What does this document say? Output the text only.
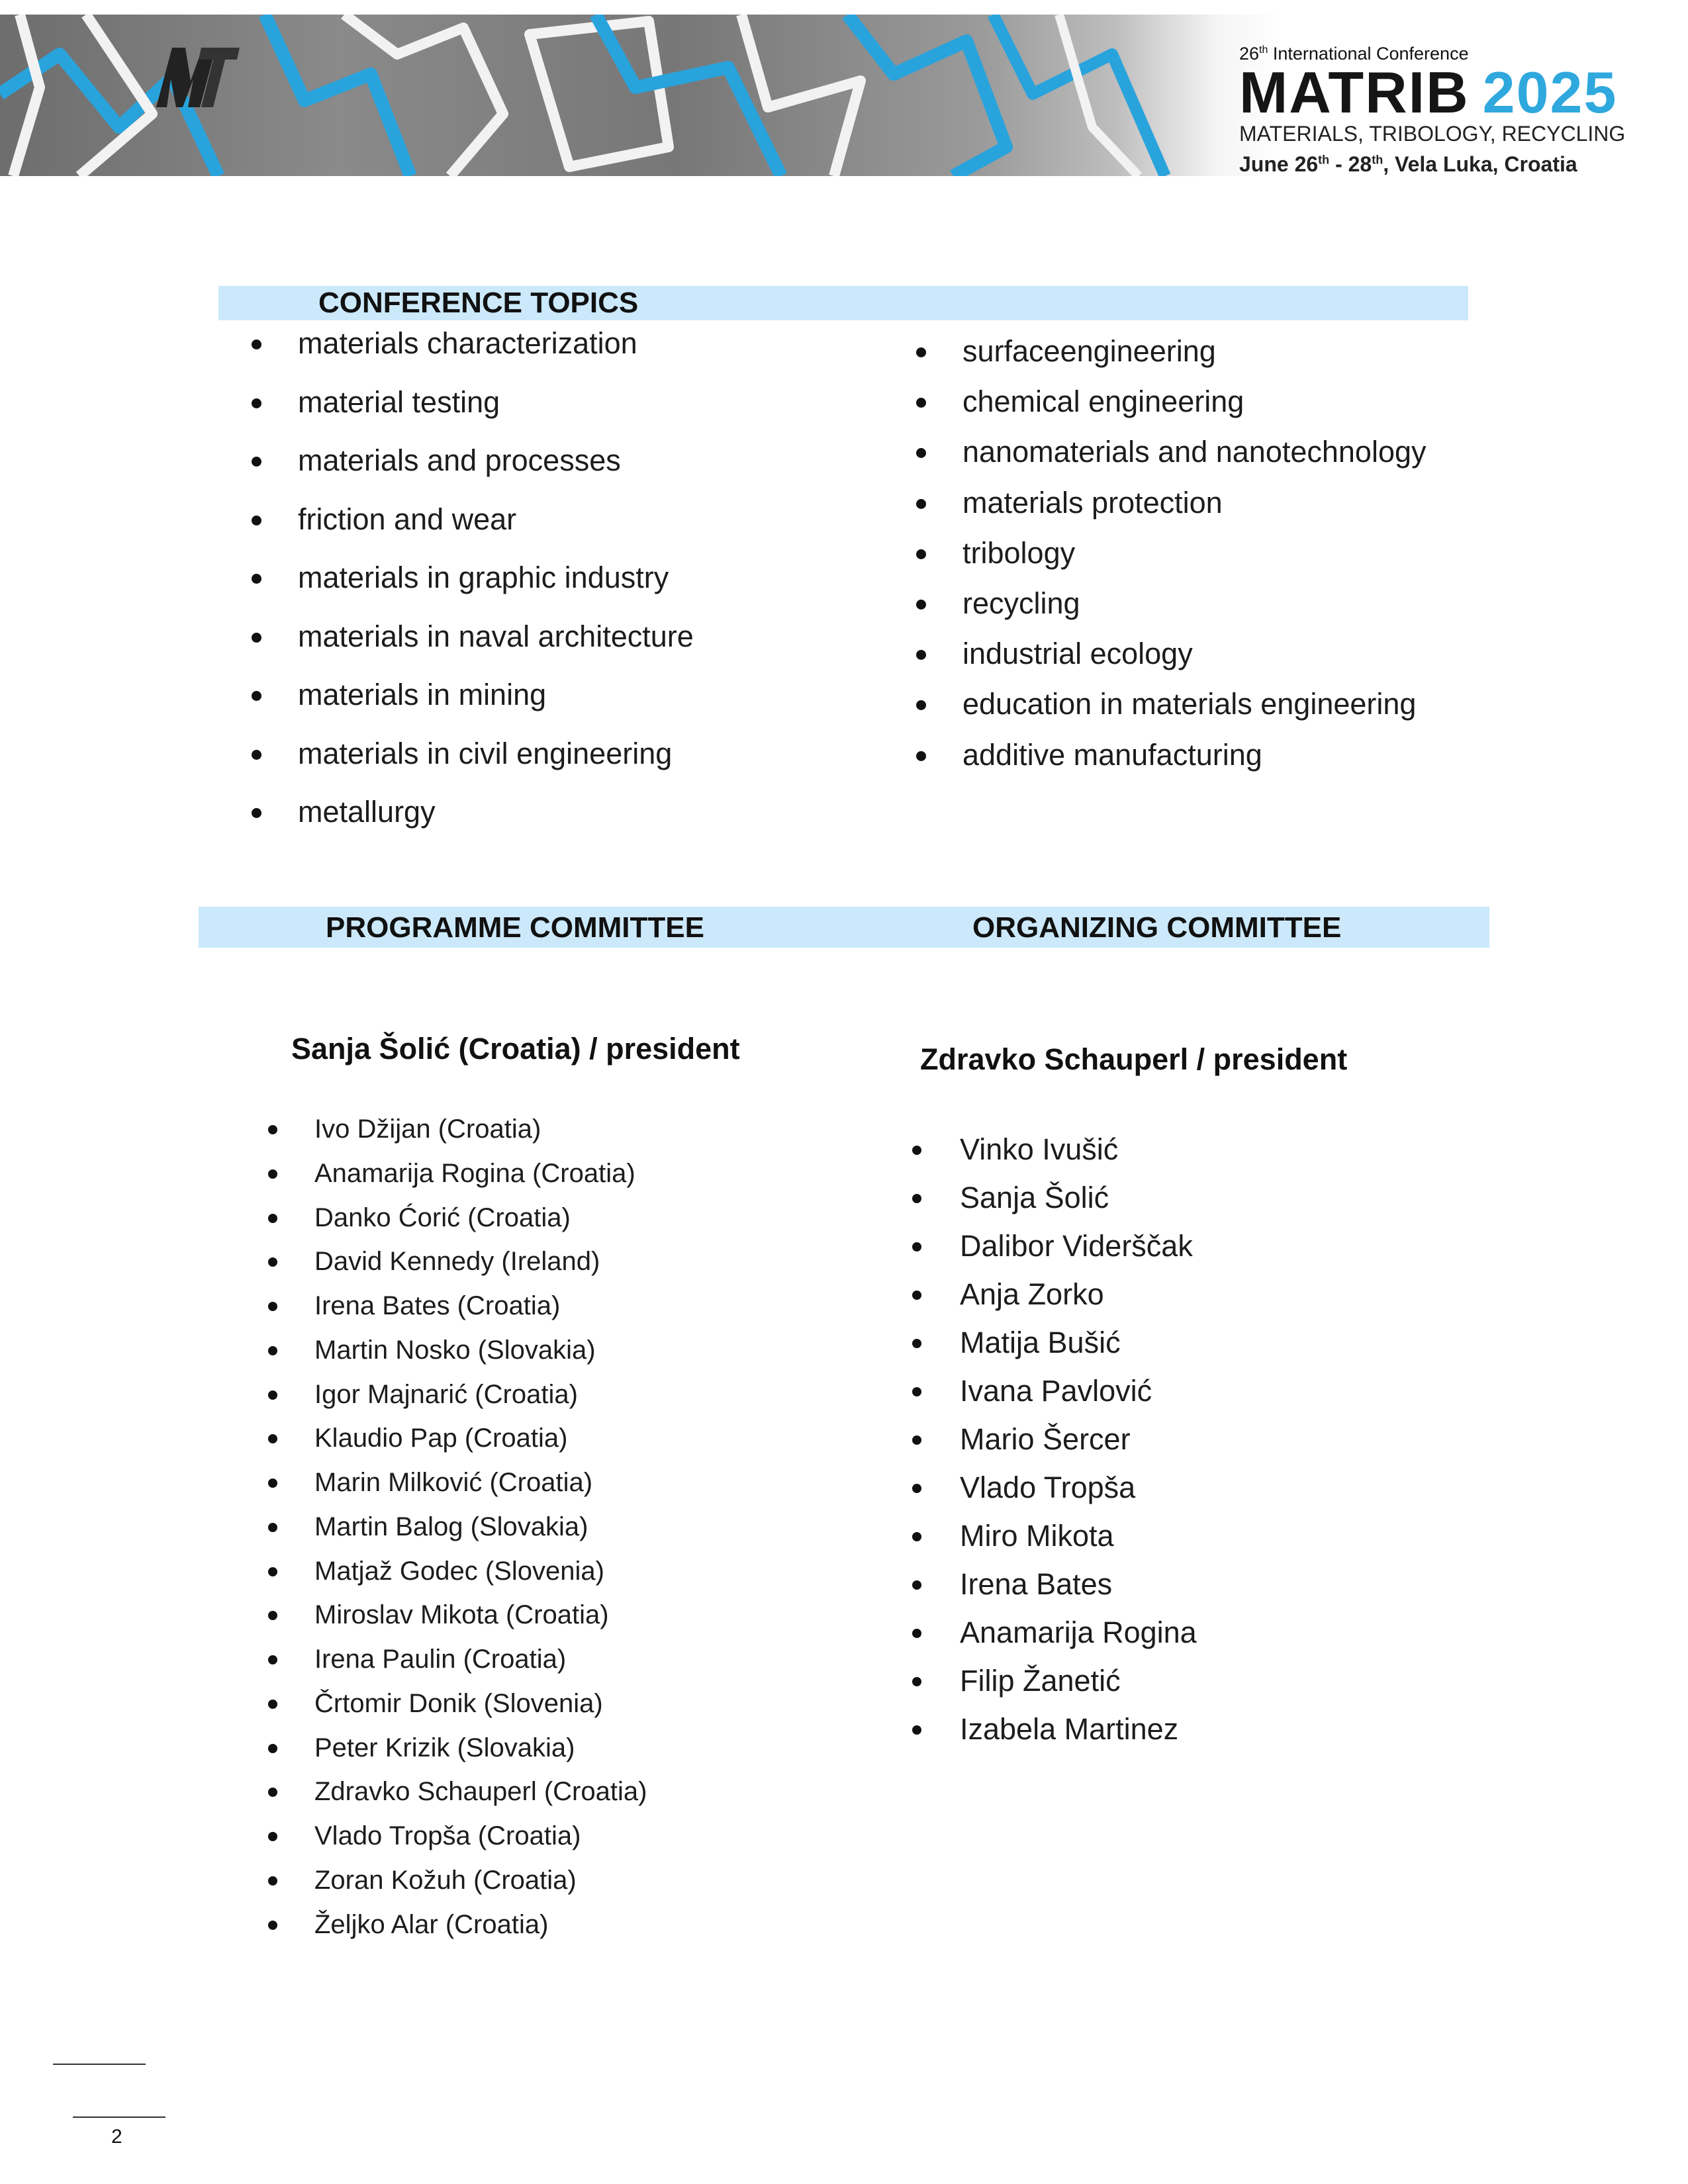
MT
26th International Conference
MATRIB 2025
MATERIALS, TRIBOLOGY, RECYCLING
June 26th - 28th, Vela Luka, Croatia
CONFERENCE TOPICS
materials characterization
material testing
materials and processes
friction and wear
materials in graphic industry
materials in naval architecture
materials in mining
materials in civil engineering
metallurgy
surfaceengineering
chemical engineering
nanomaterials and nanotechnology
materials protection
tribology
recycling
industrial ecology
education in materials engineering
additive manufacturing
PROGRAMME COMMITTEE	ORGANIZING COMMITTEE
Sanja Šolić (Croatia) / president	Zdravko Schauperl / president
Ivo Džijan (Croatia)
Anamarija Rogina (Croatia)
Danko Ćorić (Croatia)
David Kennedy (Ireland)
Irena Bates (Croatia)
Martin Nosko (Slovakia)
Igor Majnarić (Croatia)
Klaudio Pap (Croatia)
Marin Milković (Croatia)
Martin Balog (Slovakia)
Matjaž Godec (Slovenia)
Miroslav Mikota (Croatia)
Irena Paulin (Croatia)
Črtomir Donik (Slovenia)
Peter Krizik (Slovakia)
Zdravko Schauperl (Croatia)
Vlado Tropša (Croatia)
Zoran Kožuh (Croatia)
Željko Alar (Croatia)
Vinko Ivušić
Sanja Šolić
Dalibor Viderščak
Anja Zorko
Matija Bušić
Ivana Pavlović
Mario Šercer
Vlado Tropša
Miro Mikota
Irena Bates
Anamarija Rogina
Filip Žanetić
Izabela Martinez
2
